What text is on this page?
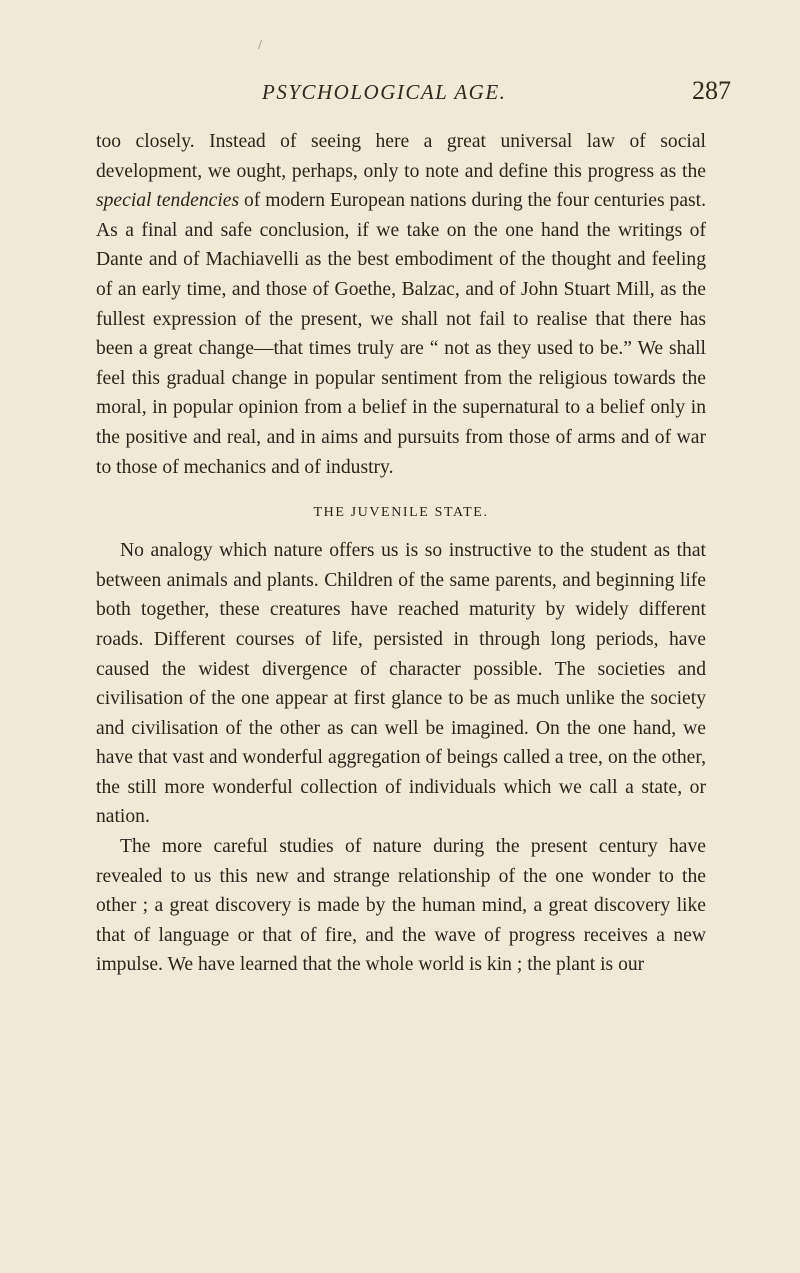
/
PSYCHOLOGICAL AGE.	287

too closely. Instead of seeing here a great universal law of social development, we ought, perhaps, only to note and define this progress as the special tendencies of modern European nations during the four centuries past. As a final and safe conclusion, if we take on the one hand the writings of Dante and of Machiavelli as the best embodiment of the thought and feeling of an early time, and those of Goethe, Balzac, and of John Stuart Mill, as the fullest expression of the present, we shall not fail to realise that there has been a great change—that times truly are “ not as they used to be.” We shall feel this gradual change in popular sentiment from the religious towards the moral, in popular opinion from a belief in the supernatural to a belief only in the positive and real, and in aims and pursuits from those of arms and of war to those of mechanics and of industry.

THE JUVENILE STATE.

No analogy which nature offers us is so instructive to the student as that between animals and plants. Children of the same parents, and beginning life both together, these creatures have reached maturity by widely different roads. Different courses of life, persisted in through long periods, have caused the widest divergence of character possible. The societies and civilisation of the one appear at first glance to be as much unlike the society and civilisation of the other as can well be imagined. On the one hand, we have that vast and wonderful aggregation of beings called a tree, on the other, the still more wonderful collection of individuals which we call a state, or nation.

The more careful studies of nature during the present century have revealed to us this new and strange relationship of the one wonder to the other ; a great discovery is made by the human mind, a great discovery like that of language or that of fire, and the wave of progress receives a new impulse. We have learned that the whole world is kin ; the plant is our
